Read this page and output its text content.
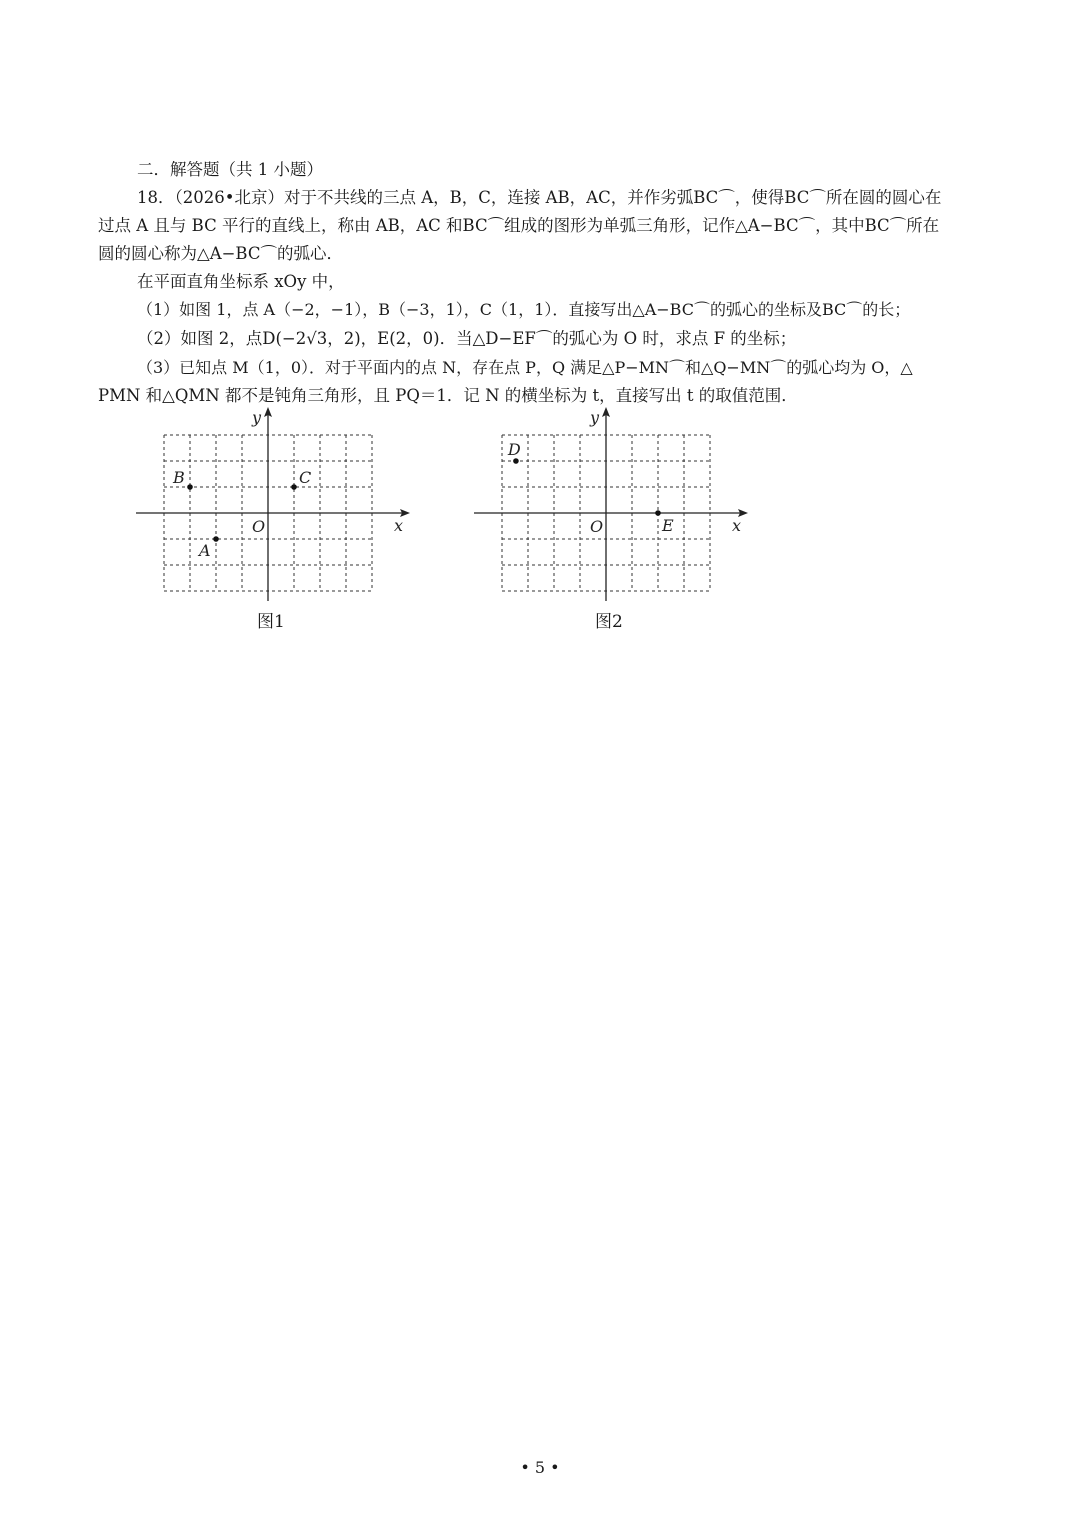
二．解答题（共 1 小题）
18．（2026•北京）对于不共线的三点 A，B，C，连接 AB，AC，并作劣弧BC⌒，使得BC⌒所在圆的圆心在
过点 A 且与 BC 平行的直线上，称由 AB，AC 和BC⌒组成的图形为单弧三角形，记作△A−BC⌒，其中BC⌒所在
圆的圆心称为△A−BC⌒的弧心．
在平面直角坐标系 xOy 中，
（1）如图 1，点 A（−2，−1），B（−3，1），C（1，1）．直接写出△A−BC⌒的弧心的坐标及BC⌒的长；
（2）如图 2，点D(−2√3，2)，E(2，0)．当△D−EF⌒的弧心为 O 时，求点 F 的坐标；
（3）已知点 M（1，0）．对于平面内的点 N，存在点 P，Q 满足△P−MN⌒和△Q−MN⌒的弧心均为 O，△
PMN 和△QMN 都不是钝角三角形，且 PQ＝1．记 N 的横坐标为 t，直接写出 t 的取值范围．
x
y
O
A
B	C
图1
x
y
O
D
E
图2
• 5 •
